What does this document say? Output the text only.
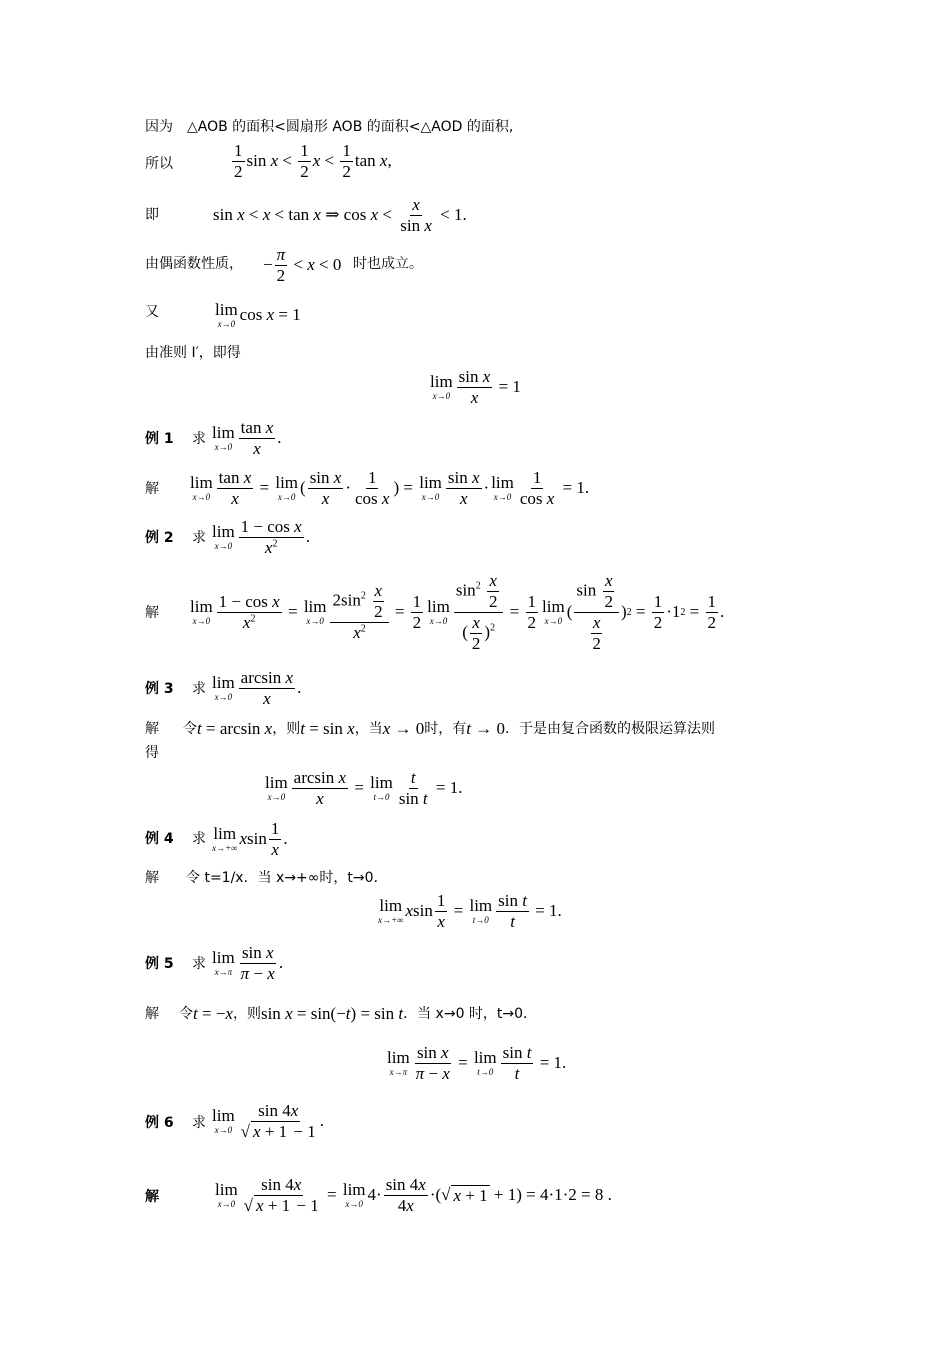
因为　△AOB 的面积<圆扇形 AOB 的面积<△AOD 的面积,
所以	$\frac{1}{2}$ $\sin x < \frac{1}{2}$ $x < \frac{1}{2}$ tan x ,
即	sin x < x < tan x ⇒ $\cos x < \frac{x}{\text{sin x}} < 1$.
由偶函数性质， − $\frac{\pi}{2} < x < 0$ 时也成立。
又	lim
x→0 cos x = 1
由准则 I′，即得
lim
$x\to 0 \frac{\text{sin x}}{x} = 1$
例 1 求 lim
$x\to 0 \frac{\text{tan x}}{x}$ .
解 lim
$x\to 0 \frac{\text{tan x}}{x} = \lim$
x→0 ( $\frac{\text{sin x}}{x} \cdot \frac{1}{\text{cos x}}$ ) = lim
$x\to 0 \frac{\text{sin x}}{x} \cdot \lim$
$x\to 0 \frac{1}{\text{cos x}} = 1$.
例 2 求 lim
$x\to 0 \frac{\text{1 − cos x}}{x^2}$ .
解 lim
$x\to 0 \frac{\text{1 − cos x}}{x^2} = \lim$
$x\to 0 \frac{2\sin^2 \frac{x}{2}}{x^2} = \frac{1}{2}$ lim
$x\to 0 \frac{\sin^2 \frac{x}{2}}{( \frac{x}{2} )^2} = \frac{1}{2}$ lim
x→0 ( $\frac{\sin \frac{x}{2}}{\frac{x}{2}}$ ) $2 = \frac{1}{2} \cdot 1$ $2 = \frac{1}{2}$ .
例 3 求 lim
$x\to 0 \frac{\text{arcsin x}}{x}$ .
解 令 t = arcsin x ，则 t = sin x ，当 x → 0 时，有 t → 0 ．于是由复合函数的极限运算法则
得
lim
$x\to 0 \frac{\text{arcsin x}}{x} = \lim$
$t\to 0 \frac{t}{\text{sin t}} = 1$.
例 4 求 lim
x→+∞ x $\sin \frac{1}{x}$ .
解 令 t=1/x．当 x→+∞时，t→0．
lim
x→+∞ x $\sin \frac{1}{x} = \lim$
$t\to 0 \frac{\text{sin t}}{t} = 1$.
例 5 求 lim
$x\to\pi \frac{\text{sin x}}{\pi - x}$ .
解 令 t = −x ，则 sin x = sin(−t) = sin t ．当 x→0 时，t→0．
lim
$x\to\pi \frac{\text{sin x}}{\pi - x} = \lim$
$t\to 0 \frac{\text{sin t}}{t} = 1$.
例 6 求 lim
$x\to 0 \frac{\sin 4x}{√ x + 1 - 1}$ .
解	lim
$x\to 0 \frac{\sin 4x}{√ x + 1 - 1} = \lim$
x→0 $4\cdot \frac{\sin 4x}{4x}$ ·(√ x + 1 + 1) = 4·1·2 = 8 .
